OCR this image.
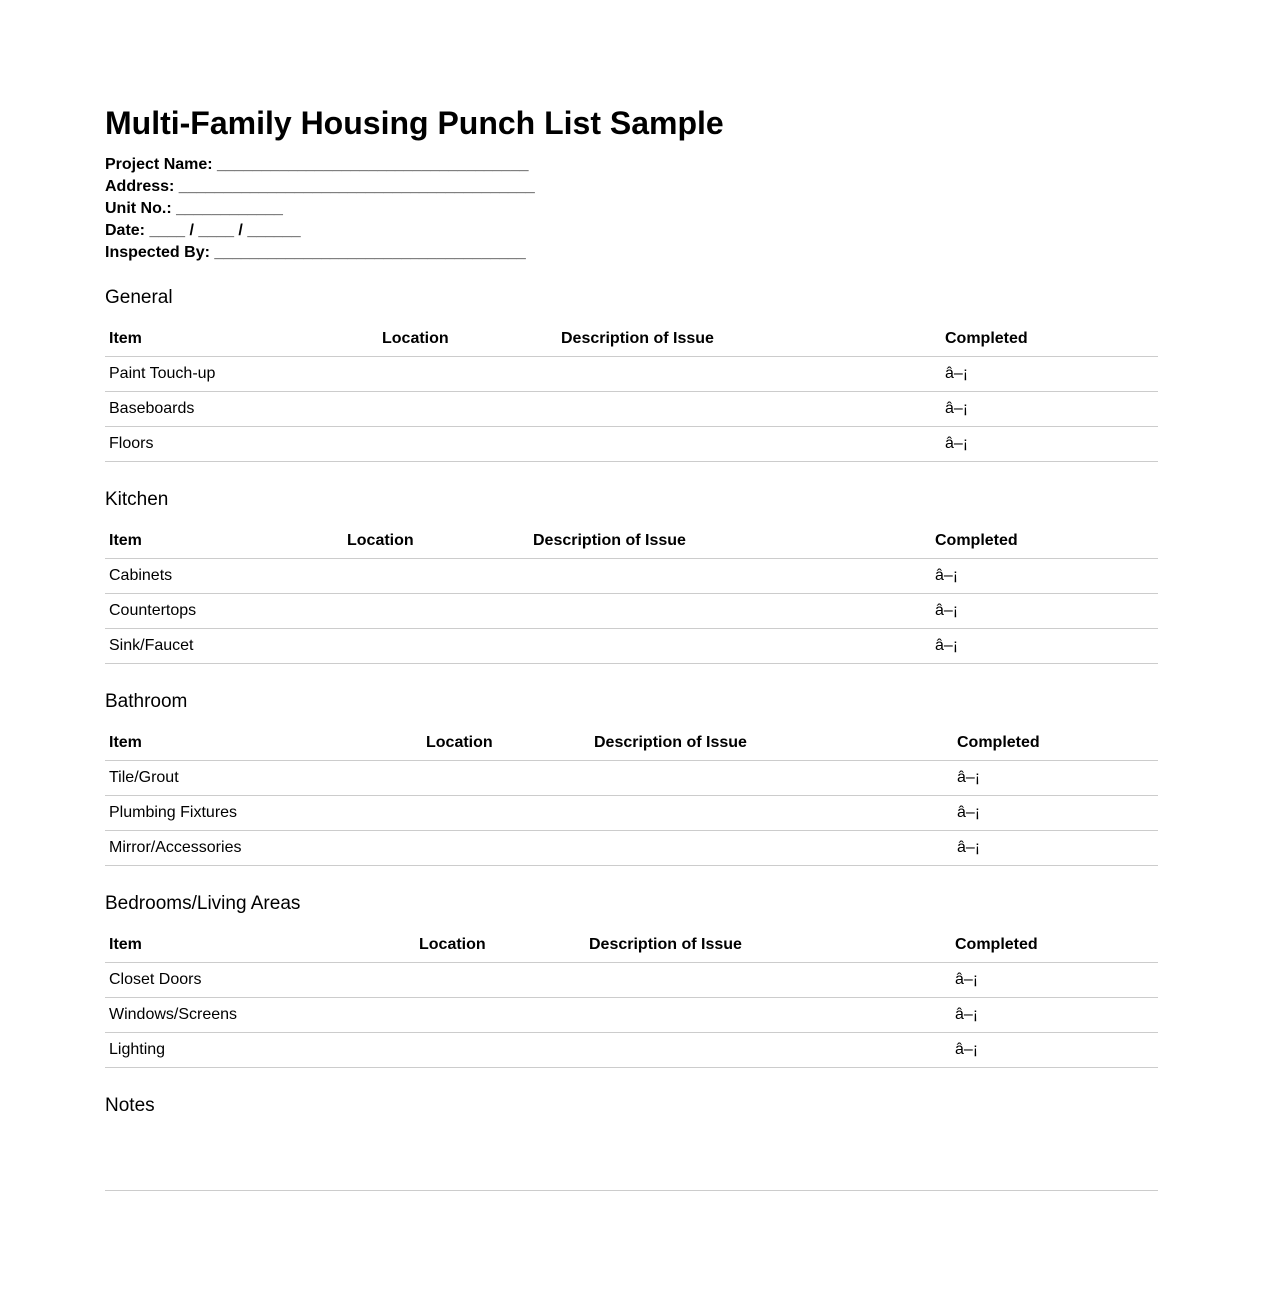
Multi-Family Housing Punch List Sample
Project Name: ___________________________________
Address: ________________________________________
Unit No.: ____________
Date: ____ / ____ / ______
Inspected By: ___________________________________
General
Item	Location	Description of Issue	Completed
Paint Touch-up			â–¡
Baseboards			â–¡
Floors			â–¡
Kitchen
Item	Location	Description of Issue	Completed
Cabinets			â–¡
Countertops			â–¡
Sink/Faucet			â–¡
Bathroom
Item	Location	Description of Issue	Completed
Tile/Grout			â–¡
Plumbing Fixtures			â–¡
Mirror/Accessories			â–¡
Bedrooms/Living Areas
Item	Location	Description of Issue	Completed
Closet Doors			â–¡
Windows/Screens			â–¡
Lighting			â–¡
Notes
